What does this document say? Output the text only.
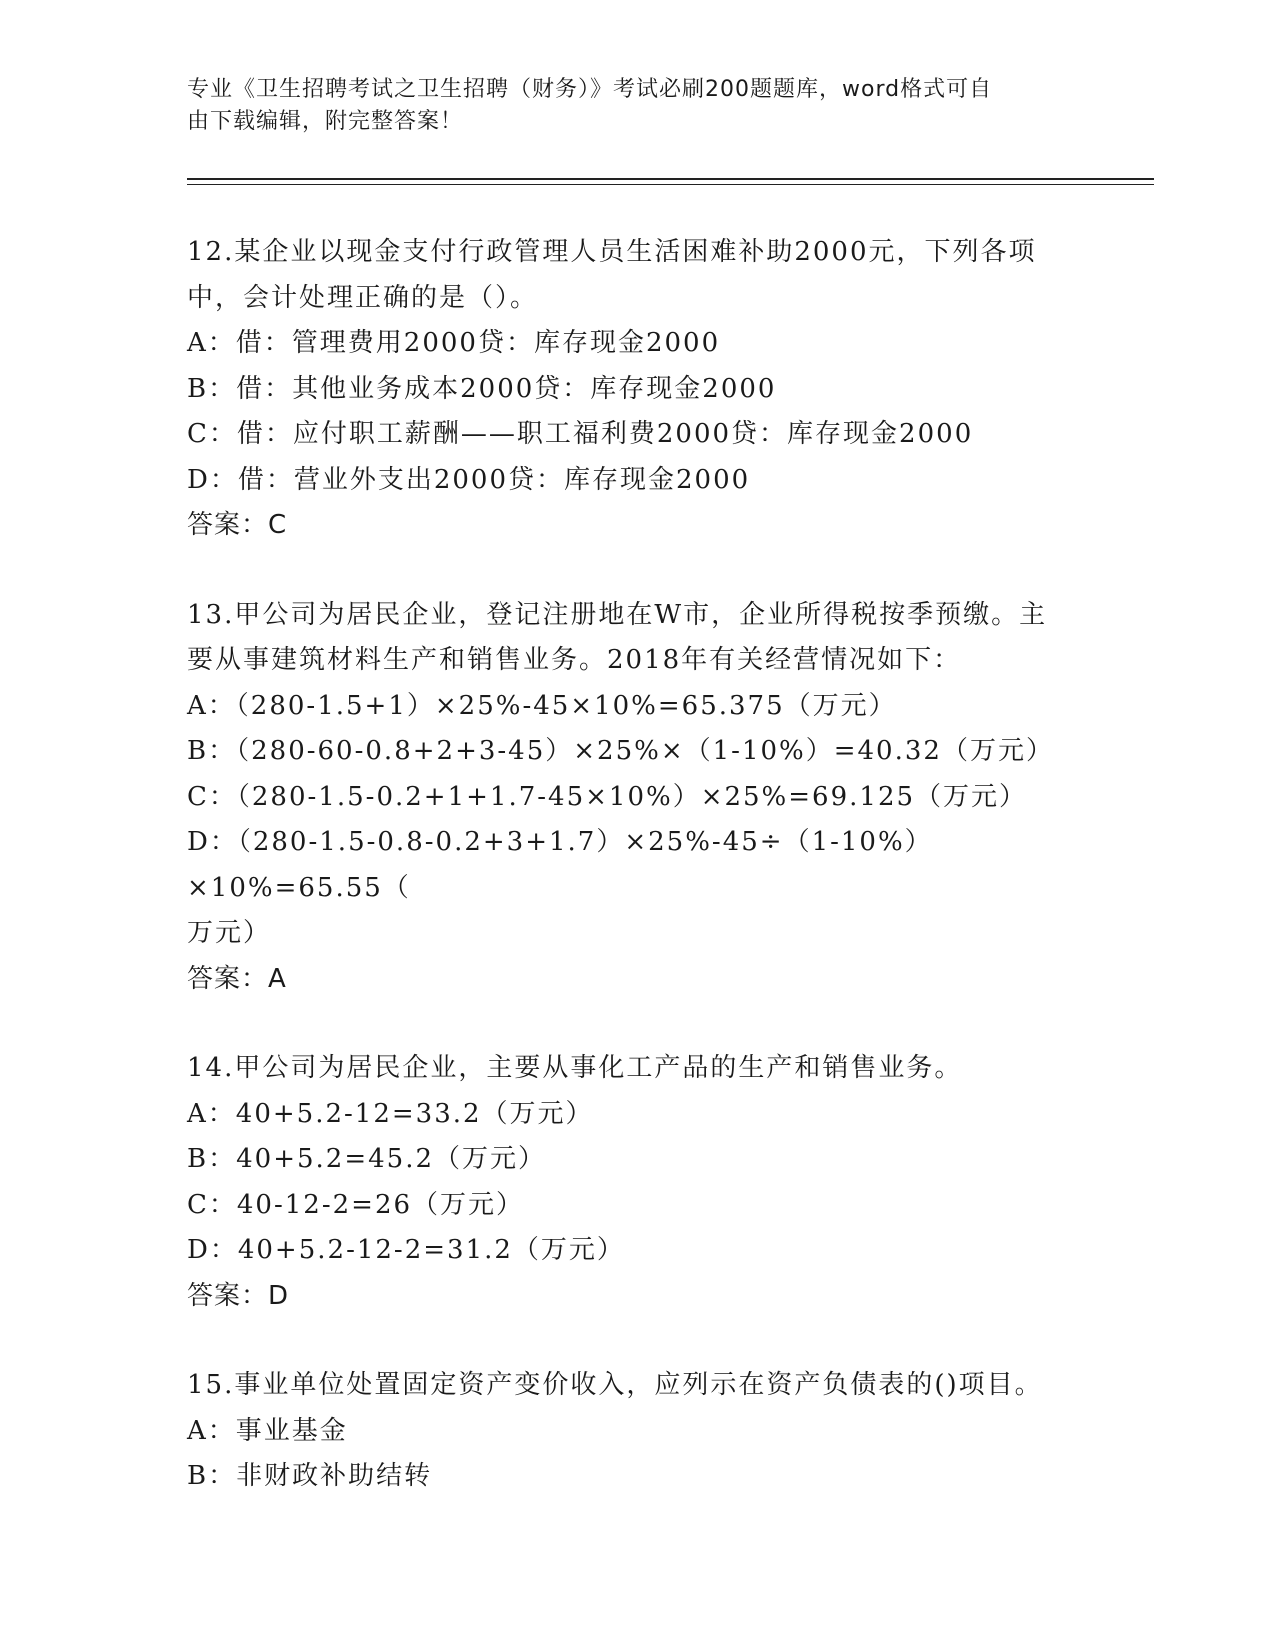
专业《卫生招聘考试之卫生招聘（财务）》考试必刷200题题库，word格式可自
由下载编辑，附完整答案！

12.某企业以现金支付行政管理人员生活困难补助2000元，下列各项

中，会计处理正确的是（）。

A：借：管理费用2000贷：库存现金2000

B：借：其他业务成本2000贷：库存现金2000

C：借：应付职工薪酬——职工福利费2000贷：库存现金2000

D：借：营业外支出2000贷：库存现金2000

答案：C

13.甲公司为居民企业，登记注册地在W市，企业所得税按季预缴。主

要从事建筑材料生产和销售业务。2018年有关经营情况如下：

A：（280-1.5+1）×25%-45×10%=65.375（万元）

B：（280-60-0.8+2+3-45）×25%×（1-10%）=40.32（万元）

C：（280-1.5-0.2+1+1.7-45×10%）×25%=69.125（万元）

D：（280-1.5-0.8-0.2+3+1.7）×25%-45÷（1-10%）×10%=65.55（

万元）

答案：A

14.甲公司为居民企业，主要从事化工产品的生产和销售业务。

A：40+5.2-12=33.2（万元）

B：40+5.2=45.2（万元）

C：40-12-2=26（万元）

D：40+5.2-12-2=31.2（万元）

答案：D

15.事业单位处置固定资产变价收入，应列示在资产负债表的()项目。

A：事业基金

B：非财政补助结转
